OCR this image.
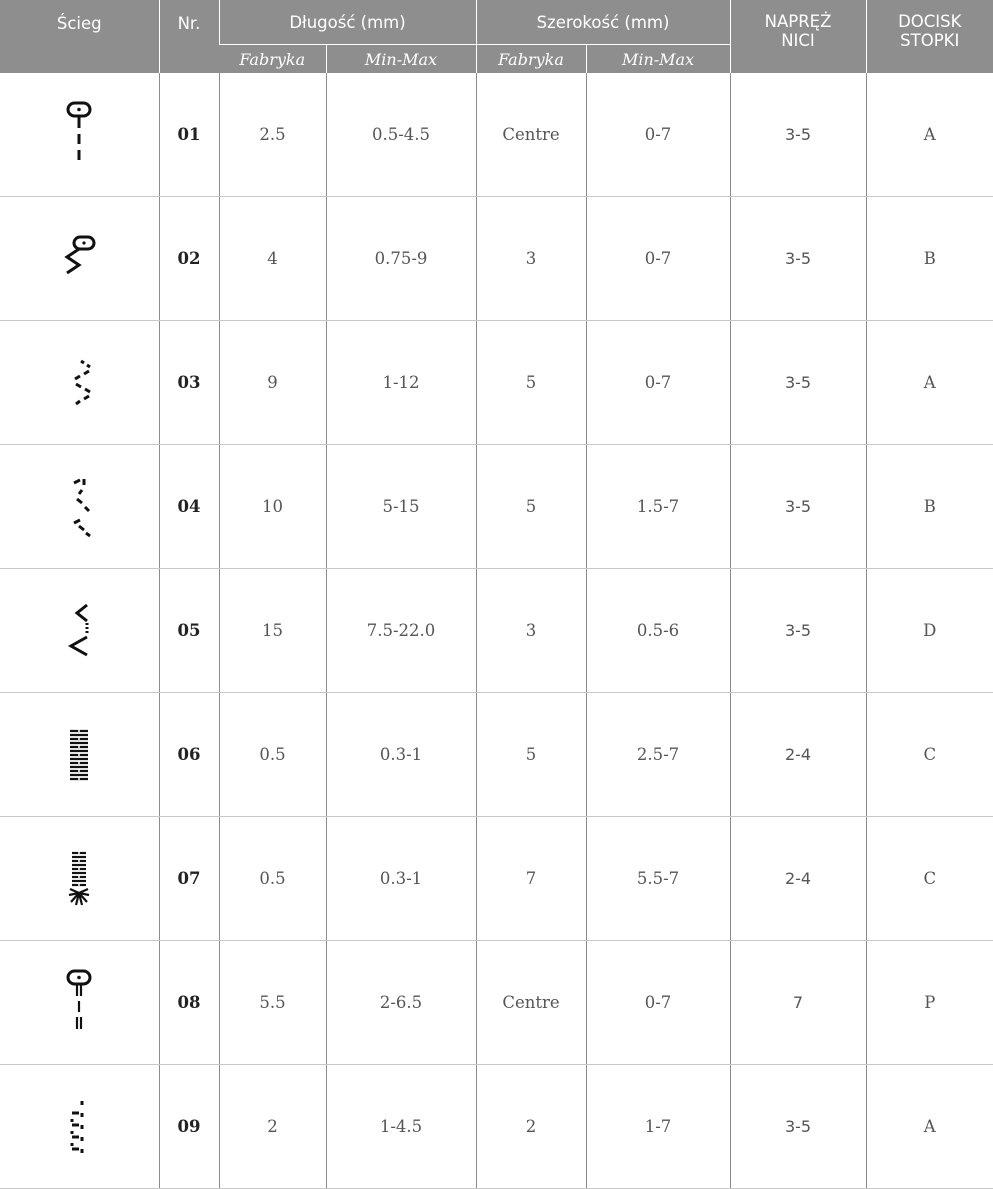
Ścieg	Nr.	Długość (mm)		Szerokość (mm)		NAPRĘŻ NICI	DOCISK STOPKI
		Fabryka	Min-Max	Fabryka	Min-Max		

	01	2.5	0.5-4.5	Centre	0-7	3-5	A

	02	4	0.75-9	3	0-7	3-5	B

	03	9	1-12	5	0-7	3-5	A

	04	10	5-15	5	1.5-7	3-5	B

	05	15	7.5-22.0	3	0.5-6	3-5	D

	06	0.5	0.3-1	5	2.5-7	2-4	C

	07	0.5	0.3-1	7	5.5-7	2-4	C

	08	5.5	2-6.5	Centre	0-7	7	P

	09	2	1-4.5	2	1-7	3-5	A
